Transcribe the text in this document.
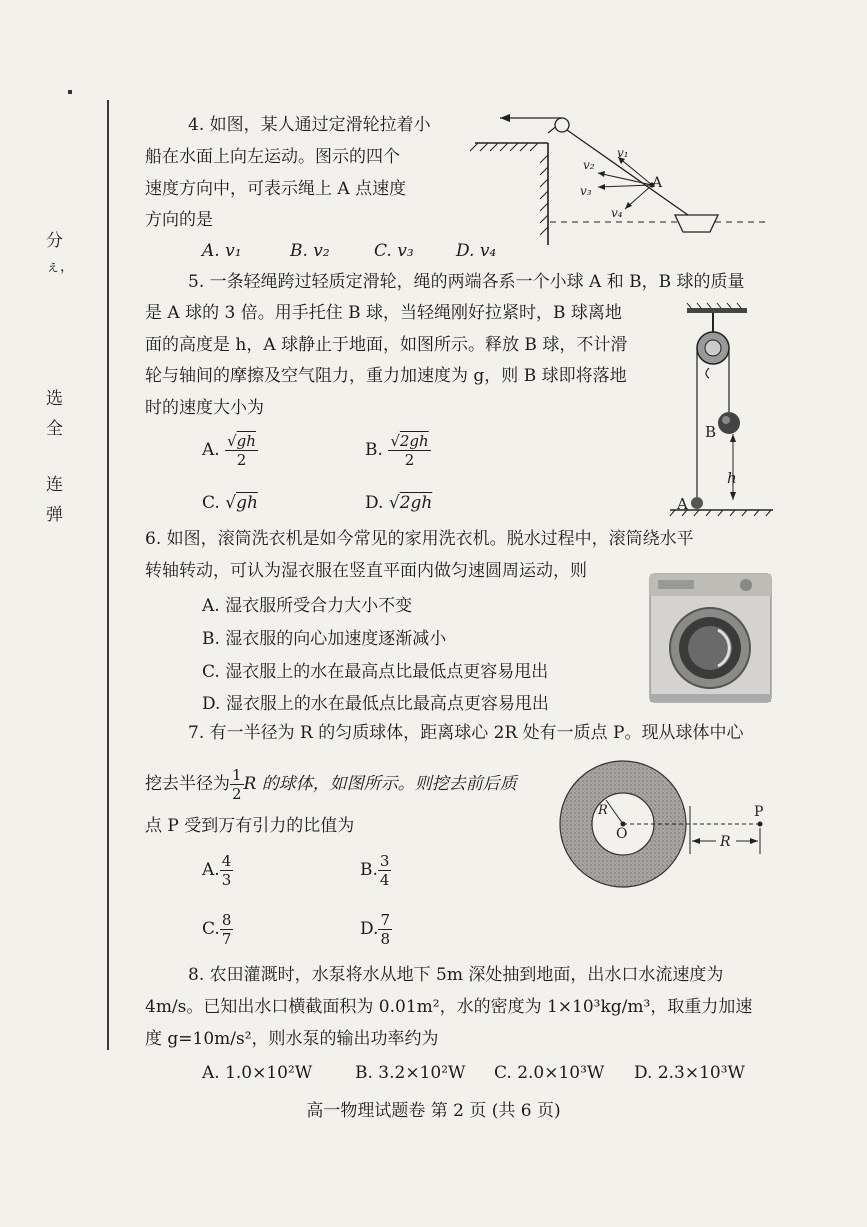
分
ぇ，
选
全
连
弹
4. 如图，某人通过定滑轮拉着小
船在水面上向左运动。图示的四个
速度方向中，可表示绳上 A 点速度
方向的是
A. v₁	B. v₂	C. v₃ D. v₄
v₁
v₂
v₃
v₄
A
5. 一条轻绳跨过轻质定滑轮，绳的两端各系一个小球 A 和 B，B 球的质量
是 A 球的 3 倍。用手托住 B 球，当轻绳刚好拉紧时，B 球离地
面的高度是 h，A 球静止于地面，如图所示。释放 B 球，不计滑
轮与轴间的摩擦及空气阻力，重力加速度为 g，则 B 球即将落地
时的速度大小为
A. $\frac{√gh}{2}$	B. $\frac{√2gh}{2}$
C. √gh	D. √2gh
B
h
A
6. 如图，滚筒洗衣机是如今常见的家用洗衣机。脱水过程中，滚筒绕水平
转轴转动，可认为湿衣服在竖直平面内做匀速圆周运动，则
A. 湿衣服所受合力大小不变
B. 湿衣服的向心加速度逐渐减小
C. 湿衣服上的水在最高点比最低点更容易甩出
D. 湿衣服上的水在最低点比最高点更容易甩出
7. 有一半径为 R 的匀质球体，距离球心 2R 处有一质点 P。现从球体中心
挖去半径为 $\frac{1}{2}$ R 的球体，如图所示。则挖去前后质
点 P 受到万有引力的比值为
A. $\frac{4}{3}$	B. $\frac{3}{4}$
C. $\frac{8}{7}$	D. $\frac{7}{8}$
R
O
P
R
8. 农田灌溉时，水泵将水从地下 5m 深处抽到地面，出水口水流速度为
4m/s。已知出水口横截面积为 0.01m²，水的密度为 1×10³kg/m³，取重力加速
度 g=10m/s²，则水泵的输出功率约为
A. 1.0×10²W	B. 3.2×10²W C. 2.0×10³W D. 2.3×10³W
高一物理试题卷 第 2 页 (共 6 页)
